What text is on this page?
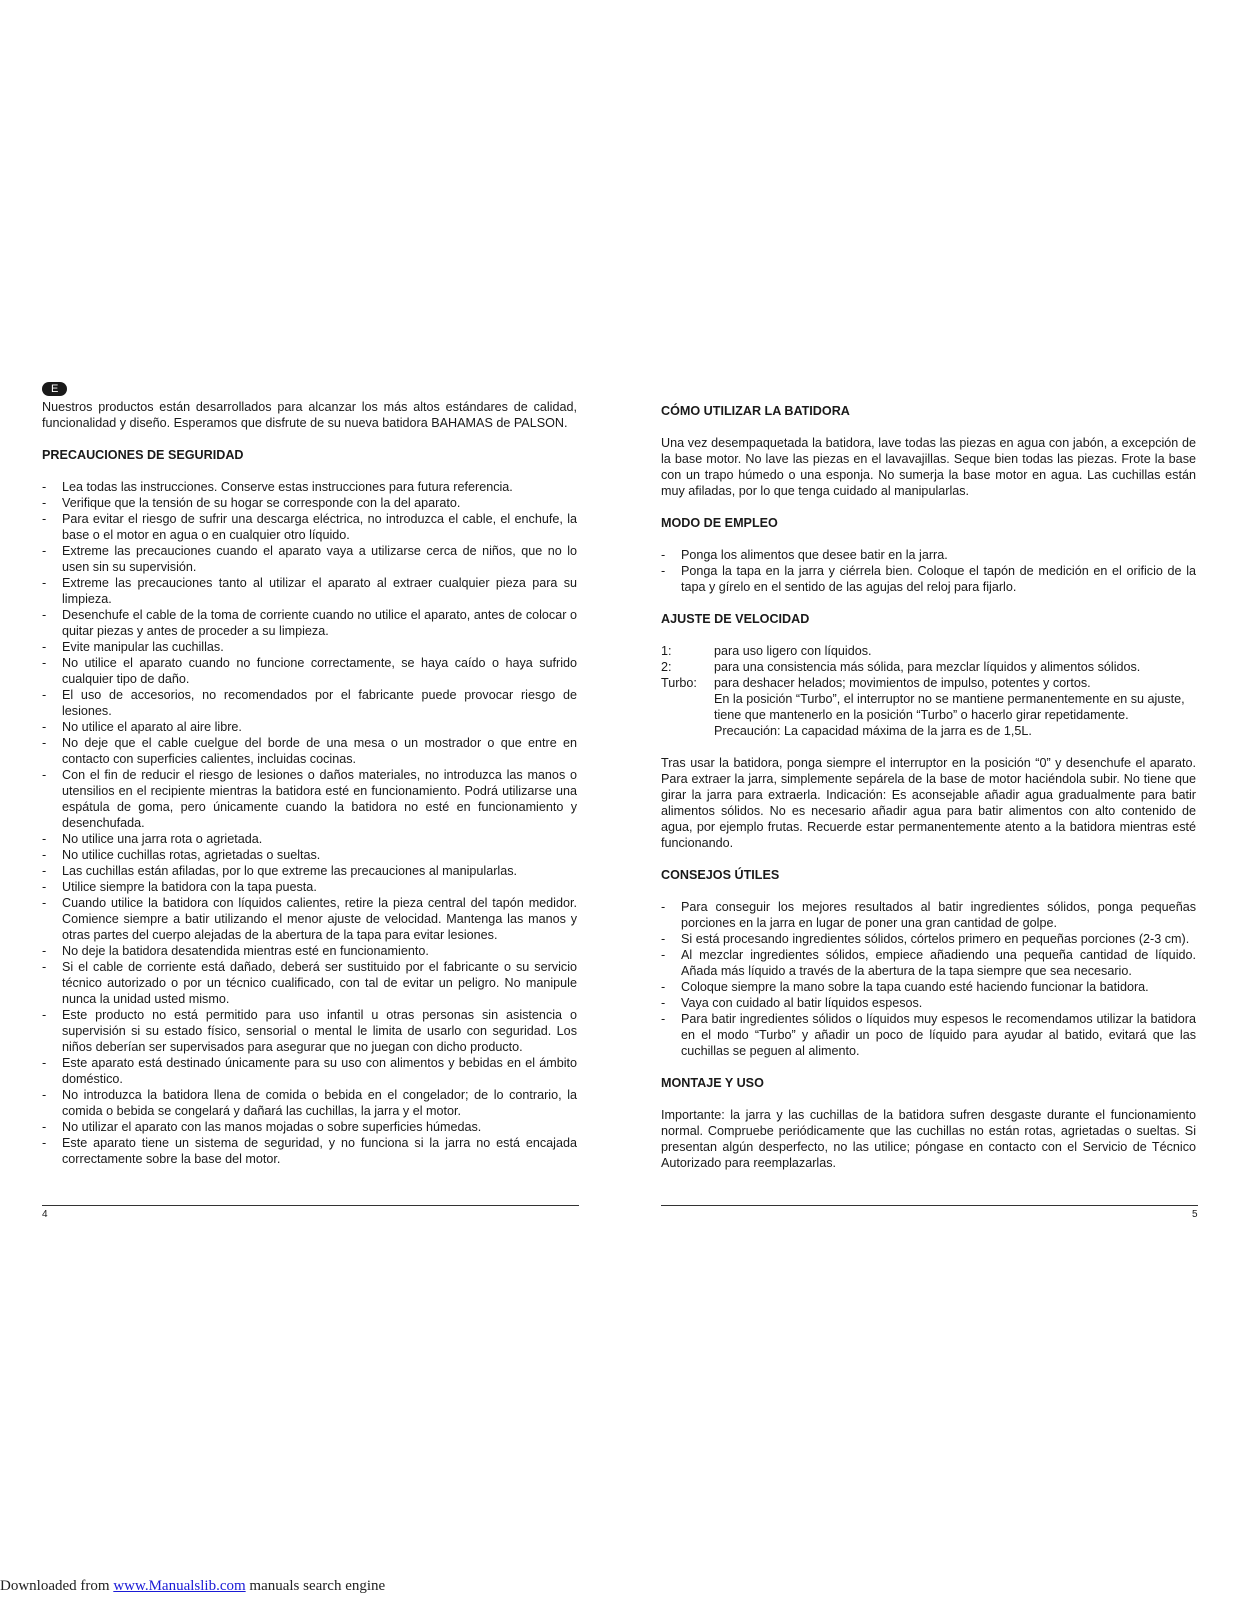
E

Nuestros productos están desarrollados para alcanzar los más altos estándares de calidad, funcionalidad y diseño. Esperamos que disfrute de su nueva batidora BAHAMAS de PALSON.

PRECAUCIONES DE SEGURIDAD
- Lea todas las instrucciones. Conserve estas instrucciones para futura referencia.
- Verifique que la tensión de su hogar se corresponde con la del aparato.
- Para evitar el riesgo de sufrir una descarga eléctrica, no introduzca el cable, el enchufe, la base o el motor en agua o en cualquier otro líquido.
- Extreme las precauciones cuando el aparato vaya a utilizarse cerca de niños, que no lo usen sin su supervisión.
- Extreme las precauciones tanto al utilizar el aparato al extraer cualquier pieza para su limpieza.
- Desenchufe el cable de la toma de corriente cuando no utilice el aparato, antes de colocar o quitar piezas y antes de proceder a su limpieza.
- Evite manipular las cuchillas.
- No utilice el aparato cuando no funcione correctamente, se haya caído o haya sufrido cualquier tipo de daño.
- El uso de accesorios, no recomendados por el fabricante puede provocar riesgo de lesiones.
- No utilice el aparato al aire libre.
- No deje que el cable cuelgue del borde de una mesa o un mostrador o que entre en contacto con superficies calientes, incluidas cocinas.
- Con el fin de reducir el riesgo de lesiones o daños materiales, no introduzca las manos o utensilios en el recipiente mientras la batidora esté en funcionamiento. Podrá utilizarse una espátula de goma, pero únicamente cuando la batidora no esté en funcionamiento y desenchufada.
- No utilice una jarra rota o agrietada.
- No utilice cuchillas rotas, agrietadas o sueltas.
- Las cuchillas están afiladas, por lo que extreme las precauciones al manipularlas.
- Utilice siempre la batidora con la tapa puesta.
- Cuando utilice la batidora con líquidos calientes, retire la pieza central del tapón medidor. Comience siempre a batir utilizando el menor ajuste de velocidad. Mantenga las manos y otras partes del cuerpo alejadas de la abertura de la tapa para evitar lesiones.
- No deje la batidora desatendida mientras esté en funcionamiento.
- Si el cable de corriente está dañado, deberá ser sustituido por el fabricante o su servicio técnico autorizado o por un técnico cualificado, con tal de evitar un peligro. No manipule nunca la unidad usted mismo.
- Este producto no está permitido para uso infantil u otras personas sin asistencia o supervisión si su estado físico, sensorial o mental le limita de usarlo con seguridad. Los niños deberían ser supervisados para asegurar que no juegan con dicho producto.
- Este aparato está destinado únicamente para su uso con alimentos y bebidas en el ámbito doméstico.
- No introduzca la batidora llena de comida o bebida en el congelador; de lo contrario, la comida o bebida se congelará y dañará las cuchillas, la jarra y el motor.
- No utilizar el aparato con las manos mojadas o sobre superficies húmedas.
- Este aparato tiene un sistema de seguridad, y no funciona si la jarra no está encajada correctamente sobre la base del motor.
CÓMO UTILIZAR LA BATIDORA

Una vez desempaquetada la batidora, lave todas las piezas en agua con jabón, a excepción de la base motor. No lave las piezas en el lavavajillas. Seque bien todas las piezas. Frote la base con un trapo húmedo o una esponja. No sumerja la base motor en agua. Las cuchillas están muy afiladas, por lo que tenga cuidado al manipularlas.

MODO DE EMPLEO
- Ponga los alimentos que desee batir en la jarra.
- Ponga la tapa en la jarra y ciérrela bien. Coloque el tapón de medición en el orificio de la tapa y gírelo en el sentido de las agujas del reloj para fijarlo.
AJUSTE DE VELOCIDAD
1:	para uso ligero con líquidos.
2:	para una consistencia más sólida, para mezclar líquidos y alimentos sólidos.
Turbo:	para deshacer helados; movimientos de impulso, potentes y cortos.
En la posición “Turbo”, el interruptor no se mantiene permanentemente en su ajuste, tiene que mantenerlo en la posición “Turbo” o hacerlo girar repetidamente.
Precaución: La capacidad máxima de la jarra es de 1,5L.

Tras usar la batidora, ponga siempre el interruptor en la posición “0” y desenchufe el aparato. Para extraer la jarra, simplemente sepárela de la base de motor haciéndola subir. No tiene que girar la jarra para extraerla. Indicación: Es aconsejable añadir agua gradualmente para batir alimentos sólidos. No es necesario añadir agua para batir alimentos con alto contenido de agua, por ejemplo frutas. Recuerde estar permanentemente atento a la batidora mientras esté funcionando.

CONSEJOS ÚTILES
- Para conseguir los mejores resultados al batir ingredientes sólidos, ponga pequeñas porciones en la jarra en lugar de poner una gran cantidad de golpe.
- Si está procesando ingredientes sólidos, córtelos primero en pequeñas porciones (2-3 cm).
- Al mezclar ingredientes sólidos, empiece añadiendo una pequeña cantidad de líquido. Añada más líquido a través de la abertura de la tapa siempre que sea necesario.
- Coloque siempre la mano sobre la tapa cuando esté haciendo funcionar la batidora.
- Vaya con cuidado al batir líquidos espesos.
- Para batir ingredientes sólidos o líquidos muy espesos le recomendamos utilizar la batidora en el modo “Turbo” y añadir un poco de líquido para ayudar al batido, evitará que las cuchillas se peguen al alimento.
MONTAJE Y USO

Importante: la jarra y las cuchillas de la batidora sufren desgaste durante el funcionamiento normal. Compruebe periódicamente que las cuchillas no están rotas, agrietadas o sueltas. Si presentan algún desperfecto, no las utilice; póngase en contacto con el Servicio de Técnico Autorizado para reemplazarlas.

4	5
Downloaded from www.Manualslib.com manuals search engine
